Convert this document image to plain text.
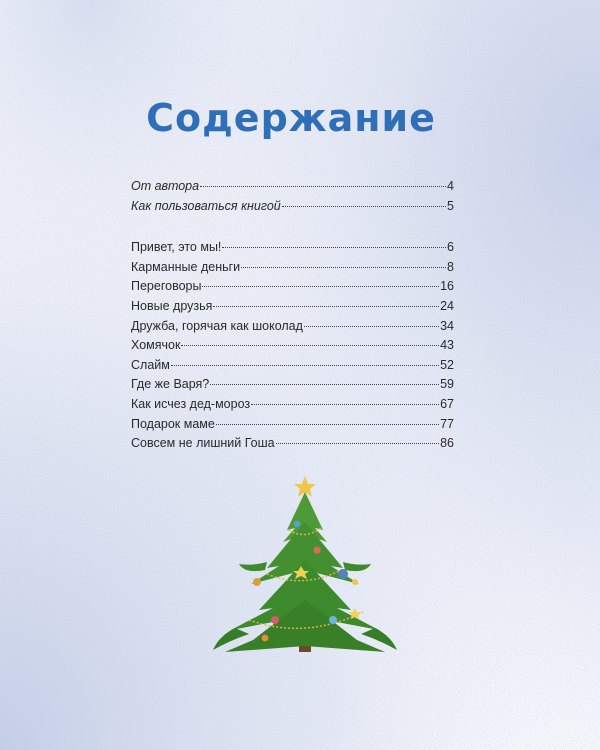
Содержание
От автора	4
Как пользоваться книгой	5
Привет, это мы!	6
Карманные деньги	8
Переговоры	16
Новые друзья	24
Дружба, горячая как шоколад	34
Хомячок	43
Слайм	52
Где же Варя?	59
Как исчез дед-мороз	67
Подарок маме	77
Совсем не лишний Гоша	86
